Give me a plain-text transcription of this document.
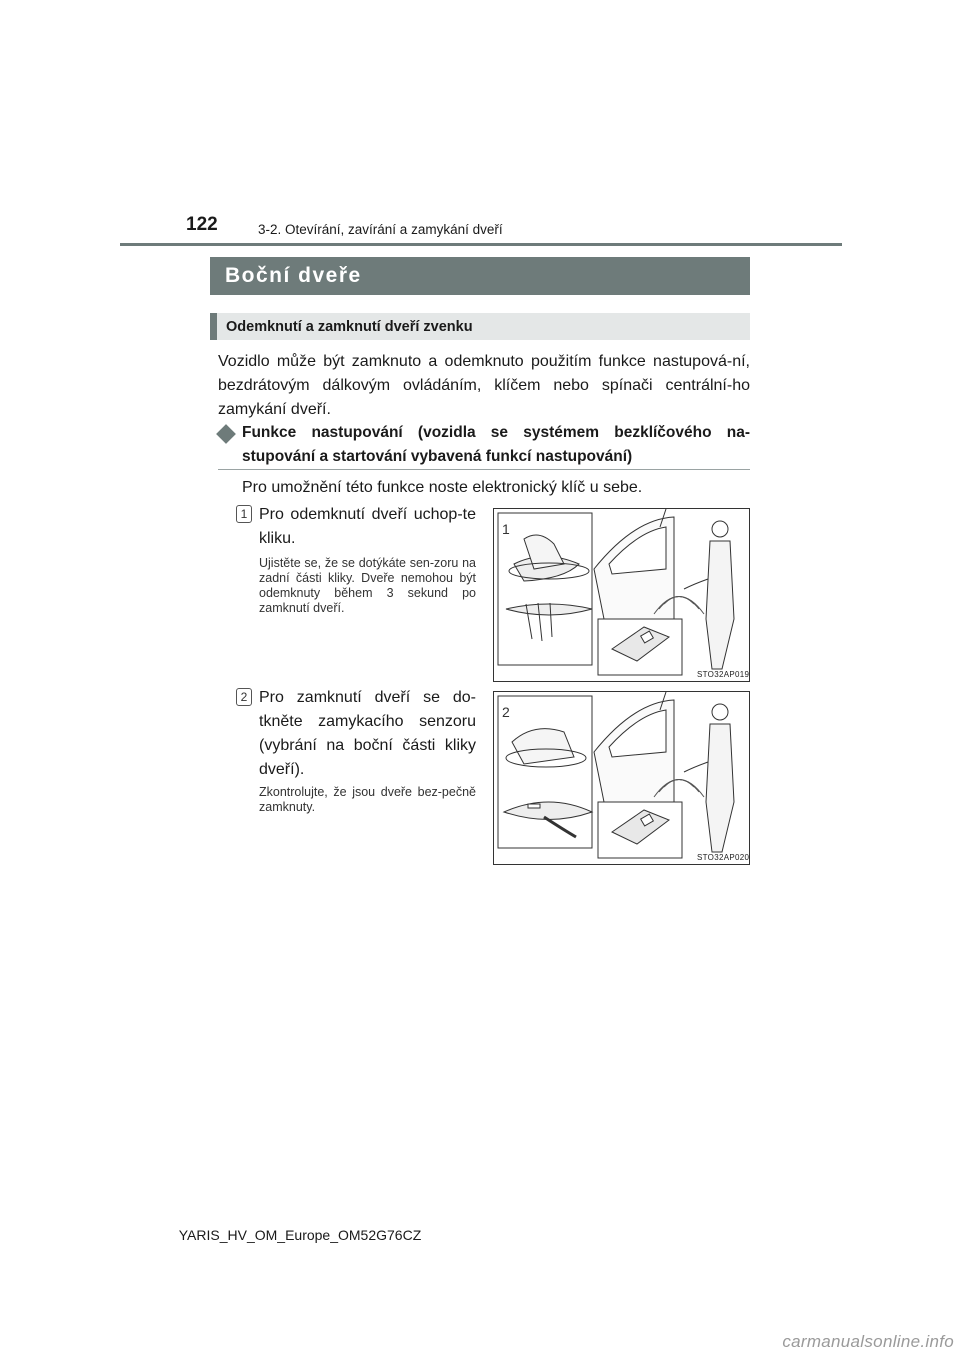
122	3-2. Otevírání, zavírání a zamykání dveří
Boční dveře
Odemknutí a zamknutí dveří zvenku

Vozidlo může být zamknuto a odemknuto použitím funkce nastupová-ní, bezdrátovým dálkovým ovládáním, klíčem nebo spínači centrální-ho zamykání dveří.

Funkce nastupování (vozidla se systémem bezklíčového na-stupování a startování vybavená funkcí nastupování)

Pro umožnění této funkce noste elektronický klíč u sebe.

1 Pro odemknutí dveří uchop-te kliku.

Ujistěte se, že se dotýkáte sen-zoru na zadní části kliky. Dveře nemohou být odemknuty během 3 sekund po zamknutí dveří.

1
STO32AP019
2 Pro zamknutí dveří se do-tkněte zamykacího senzoru (vybrání na boční části kliky dveří).

Zkontrolujte, že jsou dveře bez-pečně zamknuty.

2
STO32AP020
YARIS_HV_OM_Europe_OM52G76CZ
carmanualsonline.info
